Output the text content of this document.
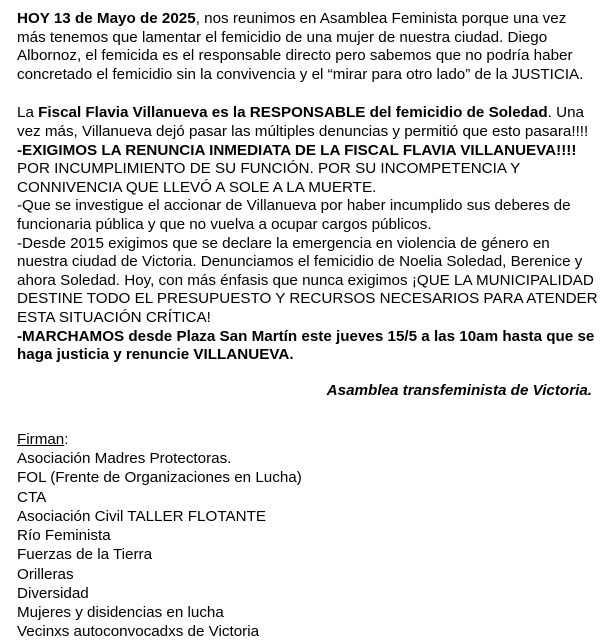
HOY 13 de Mayo de 2025, nos reunimos en Asamblea Feminista porque una vez más tenemos que lamentar el femicidio de una mujer de nuestra ciudad. Diego Albornoz, el femicida es el responsable directo pero sabemos que no podría haber concretado el femicidio sin la convivencia y el “mirar para otro lado” de la JUSTICIA.

La Fiscal Flavia Villanueva es la RESPONSABLE del femicidio de Soledad. Una vez más, Villanueva dejó pasar las múltiples denuncias y permitió que esto pasara!!!!
-EXIGIMOS LA RENUNCIA INMEDIATA DE LA FISCAL FLAVIA VILLANUEVA!!!! POR INCUMPLIMIENTO DE SU FUNCIÓN. POR SU INCOMPETENCIA Y CONNIVENCIA QUE LLEVÓ A SOLE A LA MUERTE.
-Que se investigue el accionar de Villanueva por haber incumplido sus deberes de funcionaria pública y que no vuelva a ocupar cargos públicos.
-Desde 2015 exigimos que se declare la emergencia en violencia de género en nuestra ciudad de Victoria. Denunciamos el femicidio de Noelia Soledad, Berenice y ahora Soledad. Hoy, con más énfasis que nunca exigimos ¡QUE LA MUNICIPALIDAD DESTINE TODO EL PRESUPUESTO Y RECURSOS NECESARIOS PARA ATENDER ESTA SITUACIÓN CRÍTICA!
-MARCHAMOS desde Plaza San Martín este jueves 15/5 a las 10am hasta que se haga justicia y renuncie VILLANUEVA.

Asamblea transfeminista de Victoria.

Firman:
Asociación Madres Protectoras.
FOL (Frente de Organizaciones en Lucha)
CTA
Asociación Civil TALLER FLOTANTE
Río Feminista
Fuerzas de la Tierra
Orilleras
Diversidad
Mujeres y disidencias en lucha
Vecinxs autoconvocadxs de Victoria
